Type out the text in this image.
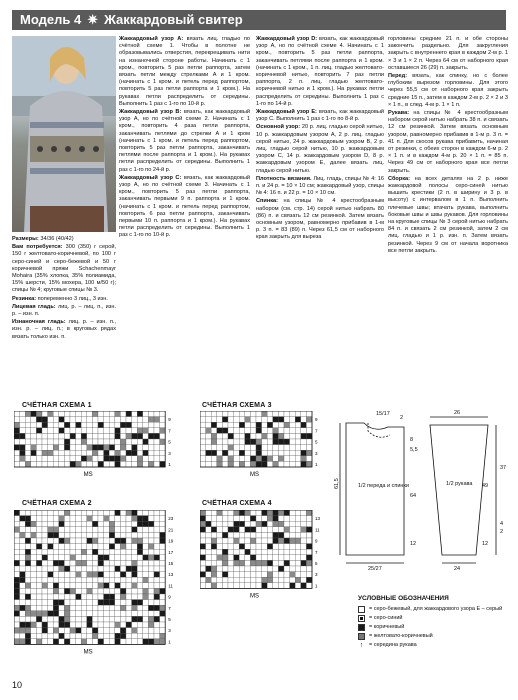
Модель 4 ✷ Жаккардовый свитер

Размеры: 34/36 (40/42)

Вам потребуется: 300 (350) г серой, 150 г желтовато-коричневой, по 100 г серо-синей и серо-бежевой и 50 г коричневой пряжи Schachenmayr Mohaira (35% хлопка, 35% полиамида, 15% шерсти, 15% мохера, 100 м/50 г); спицы № 4; круговые спицы № 3.

Резинка: попеременно 3 лиц., 3 изн.

Лицевая гладь: лиц. р. – лиц. п., изн. р. – изн. п.

Изнаночная гладь: лиц. р. – изн. п., изн. р. – лиц. п.; в круговых рядах вязать только изн. п.

Жаккардовый узор A: вязать лиц. гладью по счётной схеме 1. Чтобы в полотне не образовывались отверстия, перекрещивать нити на изнаночной стороне работы. Начинать с 1 кром., повторить 5 раз петли раппорта, затем вязать петли между стрелками A и 1 кром. (начинать с 1 кром. и петель перед раппортом, повторить 5 раз петли раппорта и 1 кром.). На рукавах петли распределить от середины. Выполнить 1 раз с 1-го по 10-й р.

Жаккардовый узор B: вязать, как жаккардовый узор A, но по счётной схеме 2. Начинать с 1 кром., повторить 4 раза петли раппорта, заканчивать петлями до стрелки A и 1 кром (начинать с 1 кром. и петель перед раппортом, повторить 5 раз петли раппорта, заканчивать петлями после раппорта и 1 кром.). На рукавах петли распределить от середины. Выполнить 1 раз с 1-го по 24-й р.

Жаккардовый узор C: вязать, как жаккардовый узор A, но по счётной схеме 3. Начинать с 1 кром., повторить 5 раз петли раппорта, заканчивать первыми 9 п. раппорта и 1 кром. (начинать с 1 кром. и петель перед раппортом, повторить 6 раз петли раппорта, заканчивать первыми 10 п. раппорта и 1 кром.). На рукавах петли распределить от середины. Выполнить 1 раз с 1-го по 10-й р.

Жаккардовый узор D: вязать, как жаккардовый узор A, но по счётной схеме 4. Начинать с 1 кром., повторить 5 раз петли раппорта, заканчивать петлями после раппорта и 1 кром. (начинать с 1 кром., 1 п. лиц. гладью желтовато-коричневой нитью, повторить 7 раз петли раппорта, 2 п. лиц. гладью желтовато-коричневой нитью и 1 кром.). На рукавах петли распределить от середины. Выполнить 1 раз с 1-го по 14-й р.

Жаккардовый узор E: вязать, как жаккардовый узор C. Выполнить 1 раз с 1-го по 8-й р.

Основной узор: 20 р. лиц. гладью серой нитью, 10 р. жаккардовым узором A, 2 р. лиц. гладью серой нитью, 24 р. жаккардовым узором B, 2 р. лиц. гладью серой нитью, 10 р. жаккардовым узором C, 14 р. жаккардовым узором D, 8 р. жаккардовым узором E, далее вязать лиц. гладью серой нитью.

Плотность вязания. Лиц. гладь, спицы № 4: 16 п. и 24 р. = 10 × 10 см; жаккардовый узор, спицы № 4: 16 п. и 22 р. = 10 × 10 см.

Спинка: на спицы № 4 крестообразным набором (см. стр. 14) серой нитью набрать 80 (86) п. и связать 12 см резинкой. Затем вязать основным узором, равномерно прибавив в 1-м р. 3 п. = 83 (89) п. Через 61,5 см от наборного края закрыть для выреза

горловины средние 21 п. и обе стороны закончить раздельно. Для закругления закрыть с внутреннего края в каждом 2-м р. 1 × 3 и 1 × 2 п. Через 64 см от наборного края оставшиеся 26 (29) п. закрыть.

Перед: вязать, как спинку, но с более глубоким вырезом горловины. Для этого через 55,5 см от наборного края закрыть средние 15 п., затем в каждом 2-м р. 2 × 2 и 3 × 1 п., в след. 4-м р. 1 × 1 п.

Рукава: на спицы № 4 крестообразным набором серой нитью набрать 38 п. и связать 12 см резинкой. Затем вязать основным узором, равномерно прибавив в 1-м р. 3 п. = 41 п. Для скосов рукава прибавить, начиная от резинки, с обеих сторон в каждом 6-м р. 2 × 1 п. и в каждом 4-м р. 20 × 1 п. = 85 п. Через 49 см от наборного края все петли закрыть.

Сборка: на всех деталях на 2 р. ниже жаккардовой полосы серо-синей нитью вышить крестики (2 п. в ширину и 3 р. в высоту) с интервалом в 1 п. Выполнить плечевые швы; втачать рукава, выполнить боковые швы и швы рукавов. Для горловины на круговые спицы № 3 серой нитью набрать 84 п. и связать 2 см резинкой, затем 2 см лиц. гладью и 1 р. изн. п. Затем вязать резинкой. Через 9 см от начала воротника все петли закрыть.

СЧЁТНАЯ СХЕМА 1	СЧЁТНАЯ СХЕМА 3
СЧЁТНАЯ СХЕМА 2	СЧЁТНАЯ СХЕМА 4
MS
1
3
5
7
9
MS
1
3
5
7
9
MS
1
3
5
7
9
11
13
15
17
19
21
23
MS
1
3
5
7
9
11
13
15/17
2
8
5,5
61,5
64
25/27
12
49
12
24
26
37
4
2
1/2 переда и спинки	1/2 рукава
УСЛОВНЫЕ ОБОЗНАЧЕНИЯ
= серо-бежевый, для жаккардового узора E – серый
= серо-синий
= коричневый
= желтовато-коричневый
↑	= середина рукава
10
